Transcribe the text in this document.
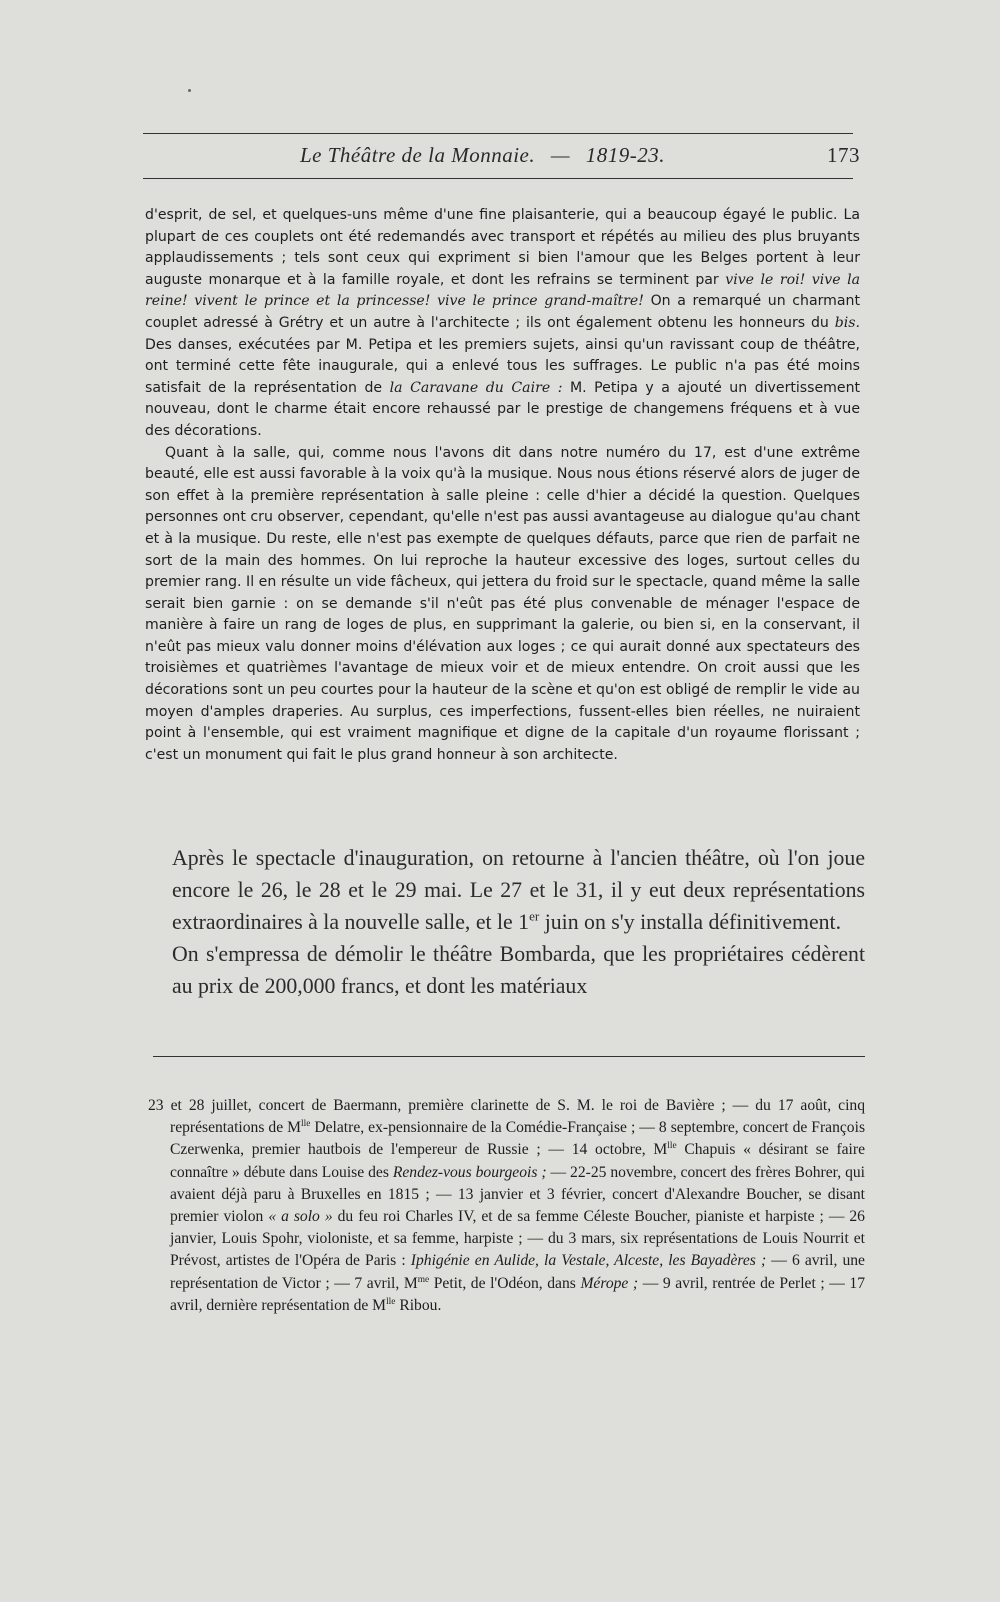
Le Théâtre de la Monnaie. — 1819-23.	173

d'esprit, de sel, et quelques-uns même d'une fine plaisanterie, qui a beaucoup égayé le public. La plupart de ces couplets ont été redemandés avec transport et répétés au milieu des plus bruyants applaudissements ; tels sont ceux qui expriment si bien l'amour que les Belges portent à leur auguste monarque et à la famille royale, et dont les refrains se terminent par vive le roi! vive la reine! vivent le prince et la princesse! vive le prince grand-maître! On a remarqué un charmant couplet adressé à Grétry et un autre à l'architecte ; ils ont également obtenu les honneurs du bis. Des danses, exécutées par M. Petipa et les premiers sujets, ainsi qu'un ravissant coup de théâtre, ont terminé cette fête inaugurale, qui a enlevé tous les suffrages. Le public n'a pas été moins satisfait de la représentation de la Caravane du Caire : M. Petipa y a ajouté un divertissement nouveau, dont le charme était encore rehaussé par le prestige de changemens fréquens et à vue des décorations.

Quant à la salle, qui, comme nous l'avons dit dans notre numéro du 17, est d'une extrême beauté, elle est aussi favorable à la voix qu'à la musique. Nous nous étions réservé alors de juger de son effet à la première représentation à salle pleine : celle d'hier a décidé la question. Quelques personnes ont cru observer, cependant, qu'elle n'est pas aussi avantageuse au dialogue qu'au chant et à la musique. Du reste, elle n'est pas exempte de quelques défauts, parce que rien de parfait ne sort de la main des hommes. On lui reproche la hauteur excessive des loges, surtout celles du premier rang. Il en résulte un vide fâcheux, qui jettera du froid sur le spectacle, quand même la salle serait bien garnie : on se demande s'il n'eût pas été plus convenable de ménager l'espace de manière à faire un rang de loges de plus, en supprimant la galerie, ou bien si, en la conservant, il n'eût pas mieux valu donner moins d'élévation aux loges ; ce qui aurait donné aux spectateurs des troisièmes et quatrièmes l'avantage de mieux voir et de mieux entendre. On croit aussi que les décorations sont un peu courtes pour la hauteur de la scène et qu'on est obligé de remplir le vide au moyen d'amples draperies. Au surplus, ces imperfections, fussent-elles bien réelles, ne nuiraient point à l'ensemble, qui est vraiment magnifique et digne de la capitale d'un royaume florissant ; c'est un monument qui fait le plus grand honneur à son architecte.

Après le spectacle d'inauguration, on retourne à l'ancien théâtre, où l'on joue encore le 26, le 28 et le 29 mai. Le 27 et le 31, il y eut deux représentations extraordinaires à la nouvelle salle, et le 1er juin on s'y installa définitivement.

On s'empressa de démolir le théâtre Bombarda, que les propriétaires cédèrent au prix de 200,000 francs, et dont les matériaux

23 et 28 juillet, concert de Baermann, première clarinette de S. M. le roi de Bavière ; — du 17 août, cinq représentations de $M^{lle}$ Delatre, ex-pensionnaire de la Comédie-Française ; — 8 septembre, concert de François Czerwenka, premier hautbois de l'empereur de Russie ; — 14 octobre, $M^{lle}$ Chapuis « désirant se faire connaître » débute dans Louise des Rendez-vous bourgeois ; — 22-25 novembre, concert des frères Bohrer, qui avaient déjà paru à Bruxelles en 1815 ; — 13 janvier et 3 février, concert d'Alexandre Boucher, se disant premier violon « a solo » du feu roi Charles IV, et de sa femme Céleste Boucher, pianiste et harpiste ; — 26 janvier, Louis Spohr, violoniste, et sa femme, harpiste ; — du 3 mars, six représentations de Louis Nourrit et Prévost, artistes de l'Opéra de Paris : Iphigénie en Aulide, la Vestale, Alceste, les Bayadères ; — 6 avril, une représentation de Victor ; — 7 avril, $M^{me}$ Petit, de l'Odéon, dans Mérope ; — 9 avril, rentrée de Perlet ; — 17 avril, dernière représentation de $M^{lle}$ Ribou.
